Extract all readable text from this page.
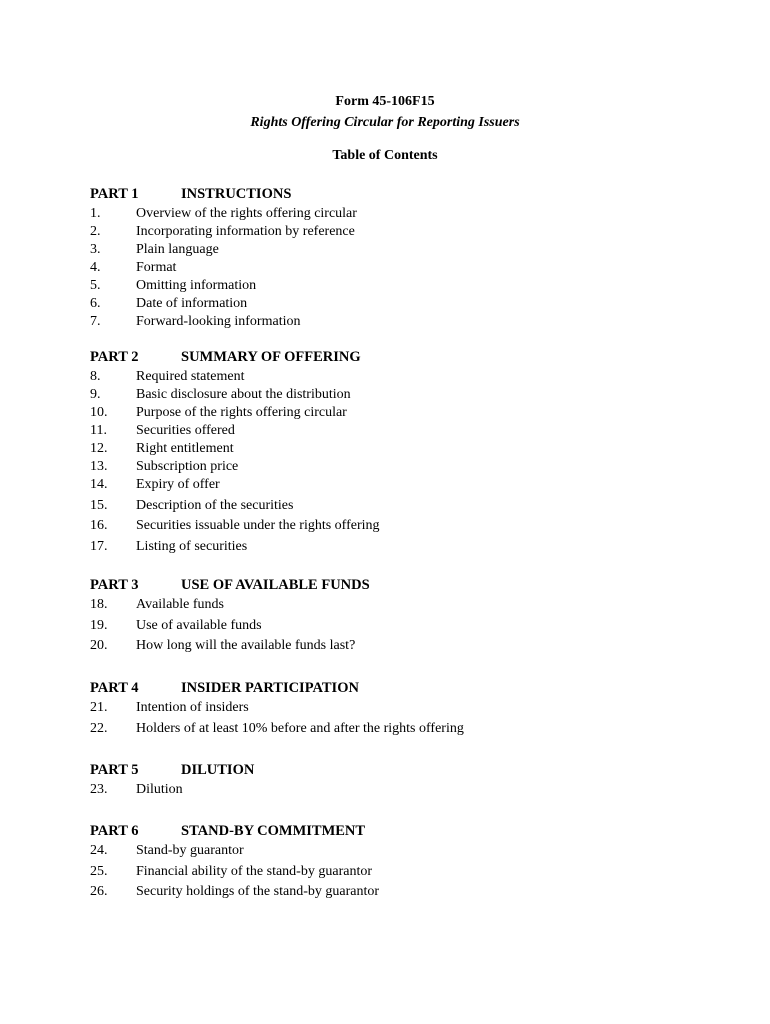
Form 45-106F15
Rights Offering Circular for Reporting Issuers
Table of Contents
PART 1	INSTRUCTIONS
1.	Overview of the rights offering circular
2.	Incorporating information by reference
3.	Plain language
4.	Format
5.	Omitting information
6.	Date of information
7.	Forward-looking information
PART 2	SUMMARY OF OFFERING
8.	Required statement
9.	Basic disclosure about the distribution
10. Purpose of the rights offering circular
11. Securities offered
12. Right entitlement
13. Subscription price
14. Expiry of offer
15. Description of the securities
16. Securities issuable under the rights offering
17. Listing of securities
PART 3	USE OF AVAILABLE FUNDS
18. Available funds
19. Use of available funds
20. How long will the available funds last?
PART 4	INSIDER PARTICIPATION
21. Intention of insiders
22. Holders of at least 10% before and after the rights offering
PART 5	DILUTION
23. Dilution
PART 6	STAND-BY COMMITMENT
24. Stand-by guarantor
25. Financial ability of the stand-by guarantor
26. Security holdings of the stand-by guarantor
